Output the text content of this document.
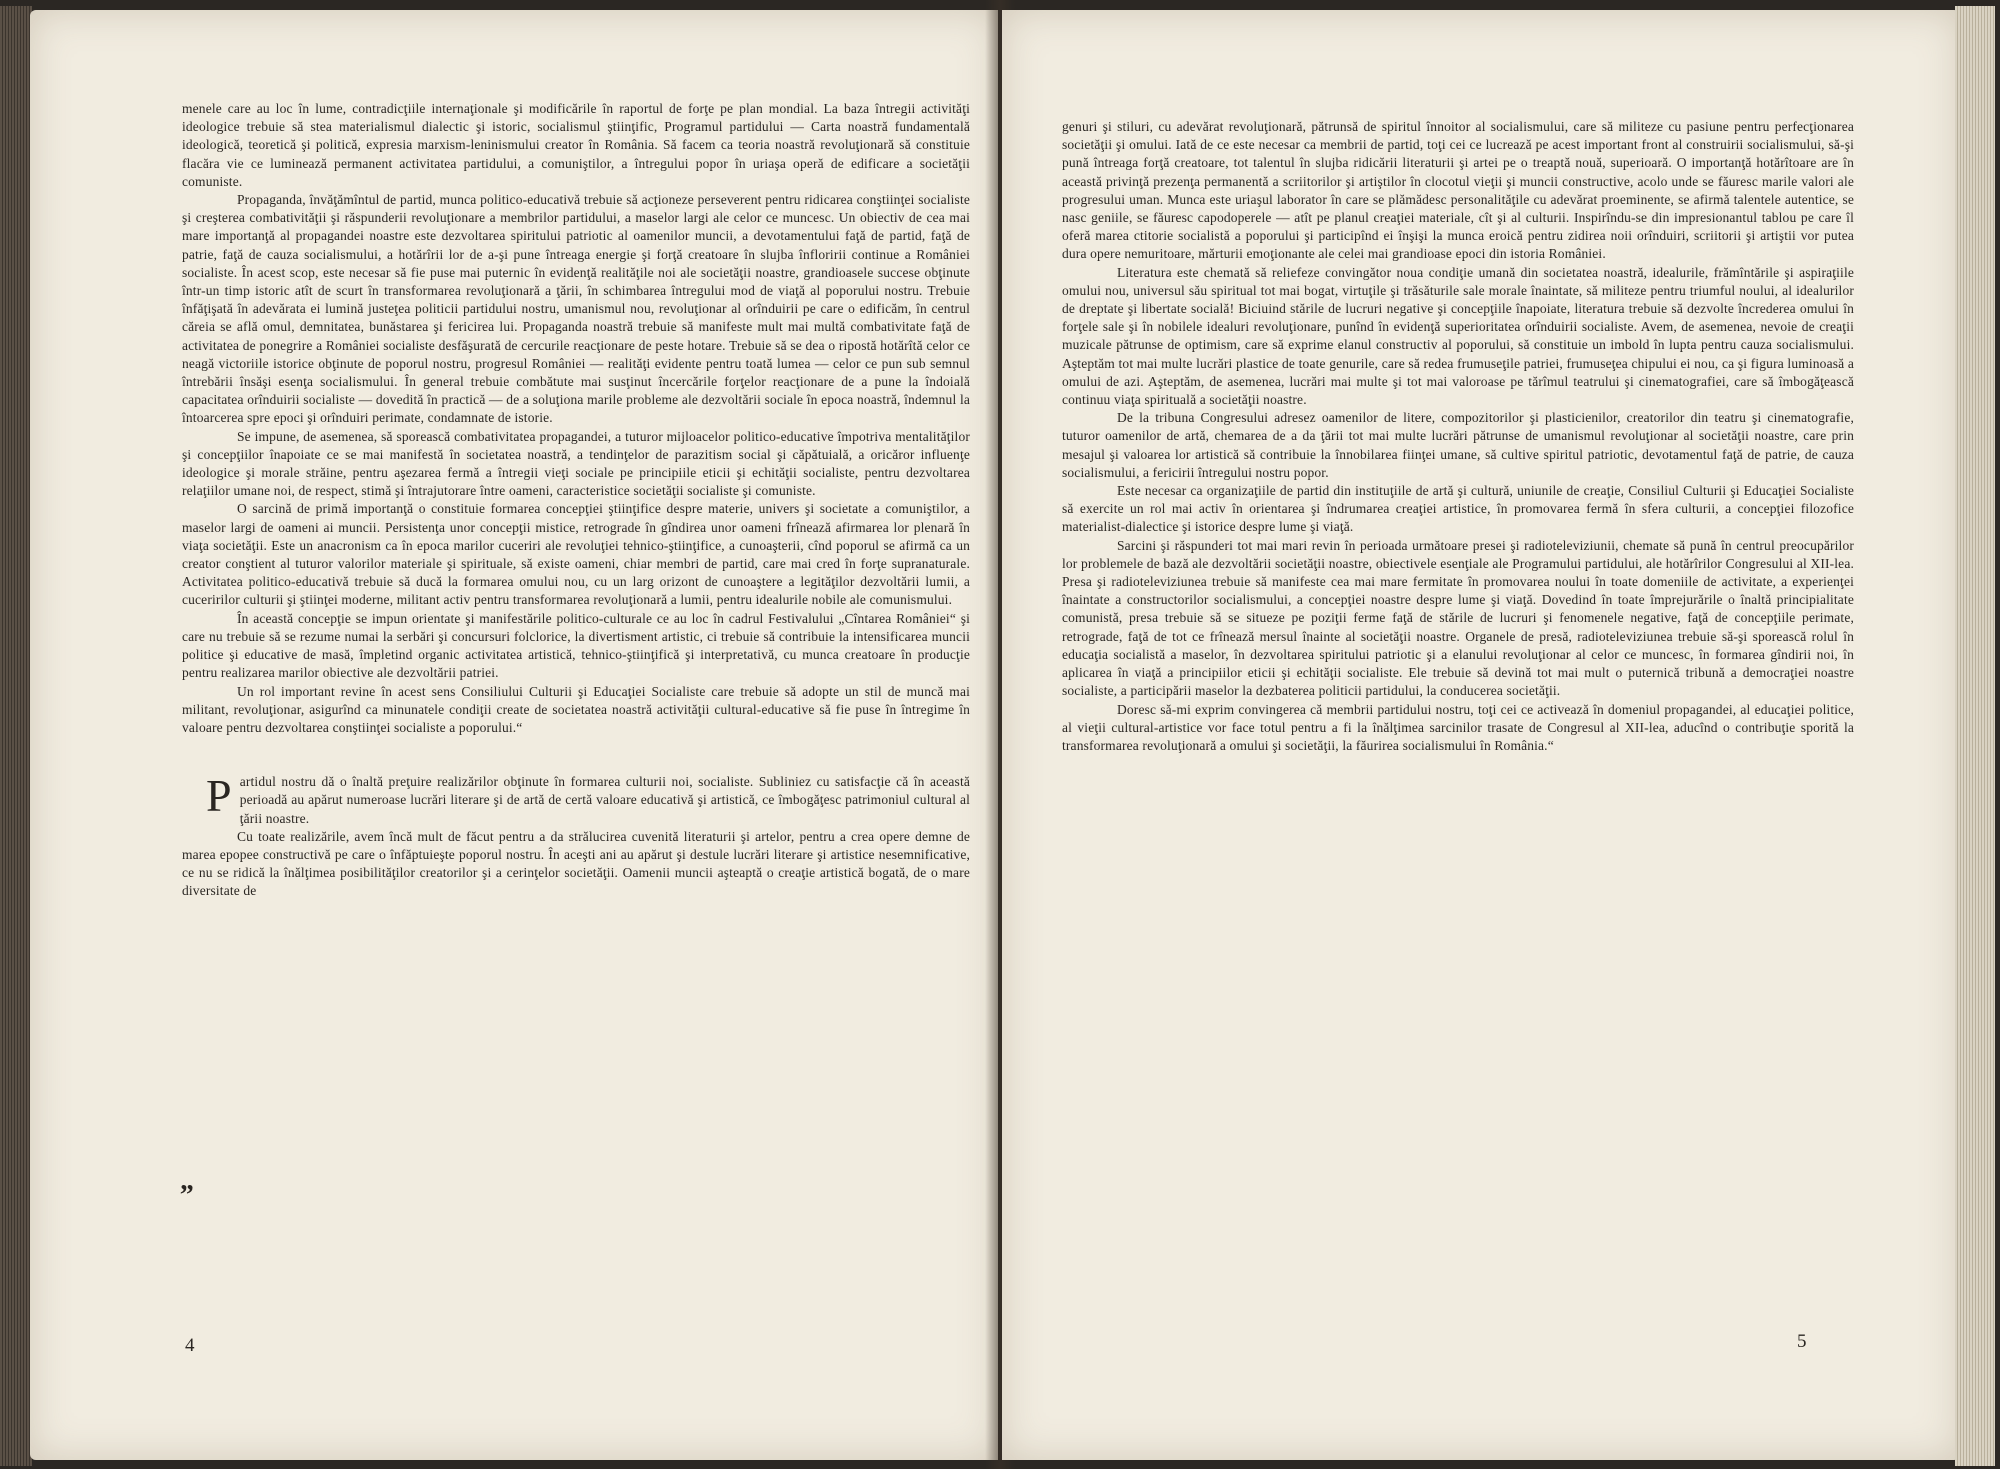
menele care au loc în lume, contradicţiile internaţionale şi modificările în raportul de forţe pe plan mondial. La baza întregii activităţi ideologice trebuie să stea materialismul dialectic şi istoric, socialismul ştiinţific, Programul partidului — Carta noastră fundamentală ideologică, teoretică şi politică, expresia marxism-leninismului creator în România. Să facem ca teoria noastră revoluţionară să constituie flacăra vie ce luminează permanent activitatea partidului, a comuniştilor, a întregului popor în uriaşa operă de edificare a societăţii comuniste.

Propaganda, învăţămîntul de partid, munca politico-educativă trebuie să acţioneze perseverent pentru ridicarea conştiinţei socialiste şi creşterea combativităţii şi răspunderii revoluţionare a membrilor partidului, a maselor largi ale celor ce muncesc. Un obiectiv de cea mai mare importanţă al propagandei noastre este dezvoltarea spiritului patriotic al oamenilor muncii, a devotamentului faţă de partid, faţă de patrie, faţă de cauza socialismului, a hotărîrii lor de a-şi pune întreaga energie şi forţă creatoare în slujba înfloririi continue a României socialiste. În acest scop, este necesar să fie puse mai puternic în evidenţă realităţile noi ale societăţii noastre, grandioasele succese obţinute într-un timp istoric atît de scurt în transformarea revoluţionară a ţării, în schimbarea întregului mod de viaţă al poporului nostru. Trebuie înfăţişată în adevărata ei lumină justeţea politicii partidului nostru, umanismul nou, revoluţionar al orînduirii pe care o edificăm, în centrul căreia se află omul, demnitatea, bunăstarea şi fericirea lui. Propaganda noastră trebuie să manifeste mult mai multă combativitate faţă de activitatea de ponegrire a României socialiste desfăşurată de cercurile reacţionare de peste hotare. Trebuie să se dea o ripostă hotărîtă celor ce neagă victoriile istorice obţinute de poporul nostru, progresul României — realităţi evidente pentru toată lumea — celor ce pun sub semnul întrebării însăşi esenţa socialismului. În general trebuie combătute mai susţinut încercările forţelor reacţionare de a pune la îndoială capacitatea orînduirii socialiste — dovedită în practică — de a soluţiona marile probleme ale dezvoltării sociale în epoca noastră, îndemnul la întoarcerea spre epoci şi orînduiri perimate, condamnate de istorie.

Se impune, de asemenea, să sporească combativitatea propagandei, a tuturor mijloacelor politico-educative împotriva mentalităţilor şi concepţiilor înapoiate ce se mai manifestă în societatea noastră, a tendinţelor de parazitism social şi căpătuială, a oricăror influenţe ideologice şi morale străine, pentru aşezarea fermă a întregii vieţi sociale pe principiile eticii şi echităţii socialiste, pentru dezvoltarea relaţiilor umane noi, de respect, stimă şi întrajutorare între oameni, caracteristice societăţii socialiste şi comuniste.

O sarcină de primă importanţă o constituie formarea concepţiei ştiinţifice despre materie, univers şi societate a comuniştilor, a maselor largi de oameni ai muncii. Persistenţa unor concepţii mistice, retrograde în gîndirea unor oameni frînează afirmarea lor plenară în viaţa societăţii. Este un anacronism ca în epoca marilor cuceriri ale revoluţiei tehnico-ştiinţifice, a cunoaşterii, cînd poporul se afirmă ca un creator conştient al tuturor valorilor materiale şi spirituale, să existe oameni, chiar membri de partid, care mai cred în forţe supranaturale. Activitatea politico-educativă trebuie să ducă la formarea omului nou, cu un larg orizont de cunoaştere a legităţilor dezvoltării lumii, a cuceririlor culturii şi ştiinţei moderne, militant activ pentru transformarea revoluţionară a lumii, pentru idealurile nobile ale comunismului.

În această concepţie se impun orientate şi manifestările politico-culturale ce au loc în cadrul Festivalului „Cîntarea României“ şi care nu trebuie să se rezume numai la serbări şi concursuri folclorice, la divertisment artistic, ci trebuie să contribuie la intensificarea muncii politice şi educative de masă, împletind organic activitatea artistică, tehnico-ştiinţifică şi interpretativă, cu munca creatoare în producţie pentru realizarea marilor obiective ale dezvoltării patriei.

Un rol important revine în acest sens Consiliului Culturii şi Educaţiei Socialiste care trebuie să adopte un stil de muncă mai militant, revoluţionar, asigurînd ca minunatele condiţii create de societatea noastră activităţii cultural-educative să fie puse în întregime în valoare pentru dezvoltarea conştiinţei socialiste a poporului.“

Partidul nostru dă o înaltă preţuire realizărilor obţinute în formarea culturii noi, socialiste. Subliniez cu satisfacţie că în această perioadă au apărut numeroase lucrări literare şi de artă de certă valoare educativă şi artistică, ce îmbogăţesc patrimoniul cultural al ţării noastre.

Cu toate realizările, avem încă mult de făcut pentru a da strălucirea cuvenită literaturii şi artelor, pentru a crea opere demne de marea epopee constructivă pe care o înfăptuieşte poporul nostru. În aceşti ani au apărut şi destule lucrări literare şi artistice nesemnificative, ce nu se ridică la înălţimea posibilităţilor creatorilor şi a cerinţelor societăţii. Oamenii muncii aşteaptă o creaţie artistică bogată, de o mare diversitate de

„
4

genuri şi stiluri, cu adevărat revoluţionară, pătrunsă de spiritul înnoitor al socialismului, care să militeze cu pasiune pentru perfecţionarea societăţii şi omului. Iată de ce este necesar ca membrii de partid, toţi cei ce lucrează pe acest important front al construirii socialismului, să-şi pună întreaga forţă creatoare, tot talentul în slujba ridicării literaturii şi artei pe o treaptă nouă, superioară. O importanţă hotărîtoare are în această privinţă prezenţa permanentă a scriitorilor şi artiştilor în clocotul vieţii şi muncii constructive, acolo unde se făuresc marile valori ale progresului uman. Munca este uriaşul laborator în care se plămădesc personalităţile cu adevărat proeminente, se afirmă talentele autentice, se nasc geniile, se făuresc capodoperele — atît pe planul creaţiei materiale, cît şi al culturii. Inspirîndu-se din impresionantul tablou pe care îl oferă marea ctitorie socialistă a poporului şi participînd ei înşişi la munca eroică pentru zidirea noii orînduiri, scriitorii şi artiştii vor putea dura opere nemuritoare, mărturii emoţionante ale celei mai grandioase epoci din istoria României.

Literatura este chemată să reliefeze convingător noua condiţie umană din societatea noastră, idealurile, frămîntările şi aspiraţiile omului nou, universul său spiritual tot mai bogat, virtuţile şi trăsăturile sale morale înaintate, să militeze pentru triumful noului, al idealurilor de dreptate şi libertate socială! Biciuind stările de lucruri negative şi concepţiile înapoiate, literatura trebuie să dezvolte încrederea omului în forţele sale şi în nobilele idealuri revoluţionare, punînd în evidenţă superioritatea orînduirii socialiste. Avem, de asemenea, nevoie de creaţii muzicale pătrunse de optimism, care să exprime elanul constructiv al poporului, să constituie un imbold în lupta pentru cauza socialismului. Aşteptăm tot mai multe lucrări plastice de toate genurile, care să redea frumuseţile patriei, frumuseţea chipului ei nou, ca şi figura luminoasă a omului de azi. Aşteptăm, de asemenea, lucrări mai multe şi tot mai valoroase pe tărîmul teatrului şi cinematografiei, care să îmbogăţească continuu viaţa spirituală a societăţii noastre.

De la tribuna Congresului adresez oamenilor de litere, compozitorilor şi plasticienilor, creatorilor din teatru şi cinematografie, tuturor oamenilor de artă, chemarea de a da ţării tot mai multe lucrări pătrunse de umanismul revoluţionar al societăţii noastre, care prin mesajul şi valoarea lor artistică să contribuie la înnobilarea fiinţei umane, să cultive spiritul patriotic, devotamentul faţă de patrie, de cauza socialismului, a fericirii întregului nostru popor.

Este necesar ca organizaţiile de partid din instituţiile de artă şi cultură, uniunile de creaţie, Consiliul Culturii şi Educaţiei Socialiste să exercite un rol mai activ în orientarea şi îndrumarea creaţiei artistice, în promovarea fermă în sfera culturii, a concepţiei filozofice materialist-dialectice şi istorice despre lume şi viaţă.

Sarcini şi răspunderi tot mai mari revin în perioada următoare presei şi radioteleviziunii, chemate să pună în centrul preocupărilor lor problemele de bază ale dezvoltării societăţii noastre, obiectivele esenţiale ale Programului partidului, ale hotărîrilor Congresului al XII-lea. Presa şi radioteleviziunea trebuie să manifeste cea mai mare fermitate în promovarea noului în toate domeniile de activitate, a experienţei înaintate a constructorilor socialismului, a concepţiei noastre despre lume şi viaţă. Dovedind în toate împrejurările o înaltă principialitate comunistă, presa trebuie să se situeze pe poziţii ferme faţă de stările de lucruri şi fenomenele negative, faţă de concepţiile perimate, retrograde, faţă de tot ce frînează mersul înainte al societăţii noastre. Organele de presă, radioteleviziunea trebuie să-şi sporească rolul în educaţia socialistă a maselor, în dezvoltarea spiritului patriotic şi a elanului revoluţionar al celor ce muncesc, în formarea gîndirii noi, în aplicarea în viaţă a principiilor eticii şi echităţii socialiste. Ele trebuie să devină tot mai mult o puternică tribună a democraţiei noastre socialiste, a participării maselor la dezbaterea politicii partidului, la conducerea societăţii.

Doresc să-mi exprim convingerea că membrii partidului nostru, toţi cei ce activează în domeniul propagandei, al educaţiei politice, al vieţii cultural-artistice vor face totul pentru a fi la înălţimea sarcinilor trasate de Congresul al XII-lea, aducînd o contribuţie sporită la transformarea revoluţionară a omului şi societăţii, la făurirea socialismului în România.“

5
